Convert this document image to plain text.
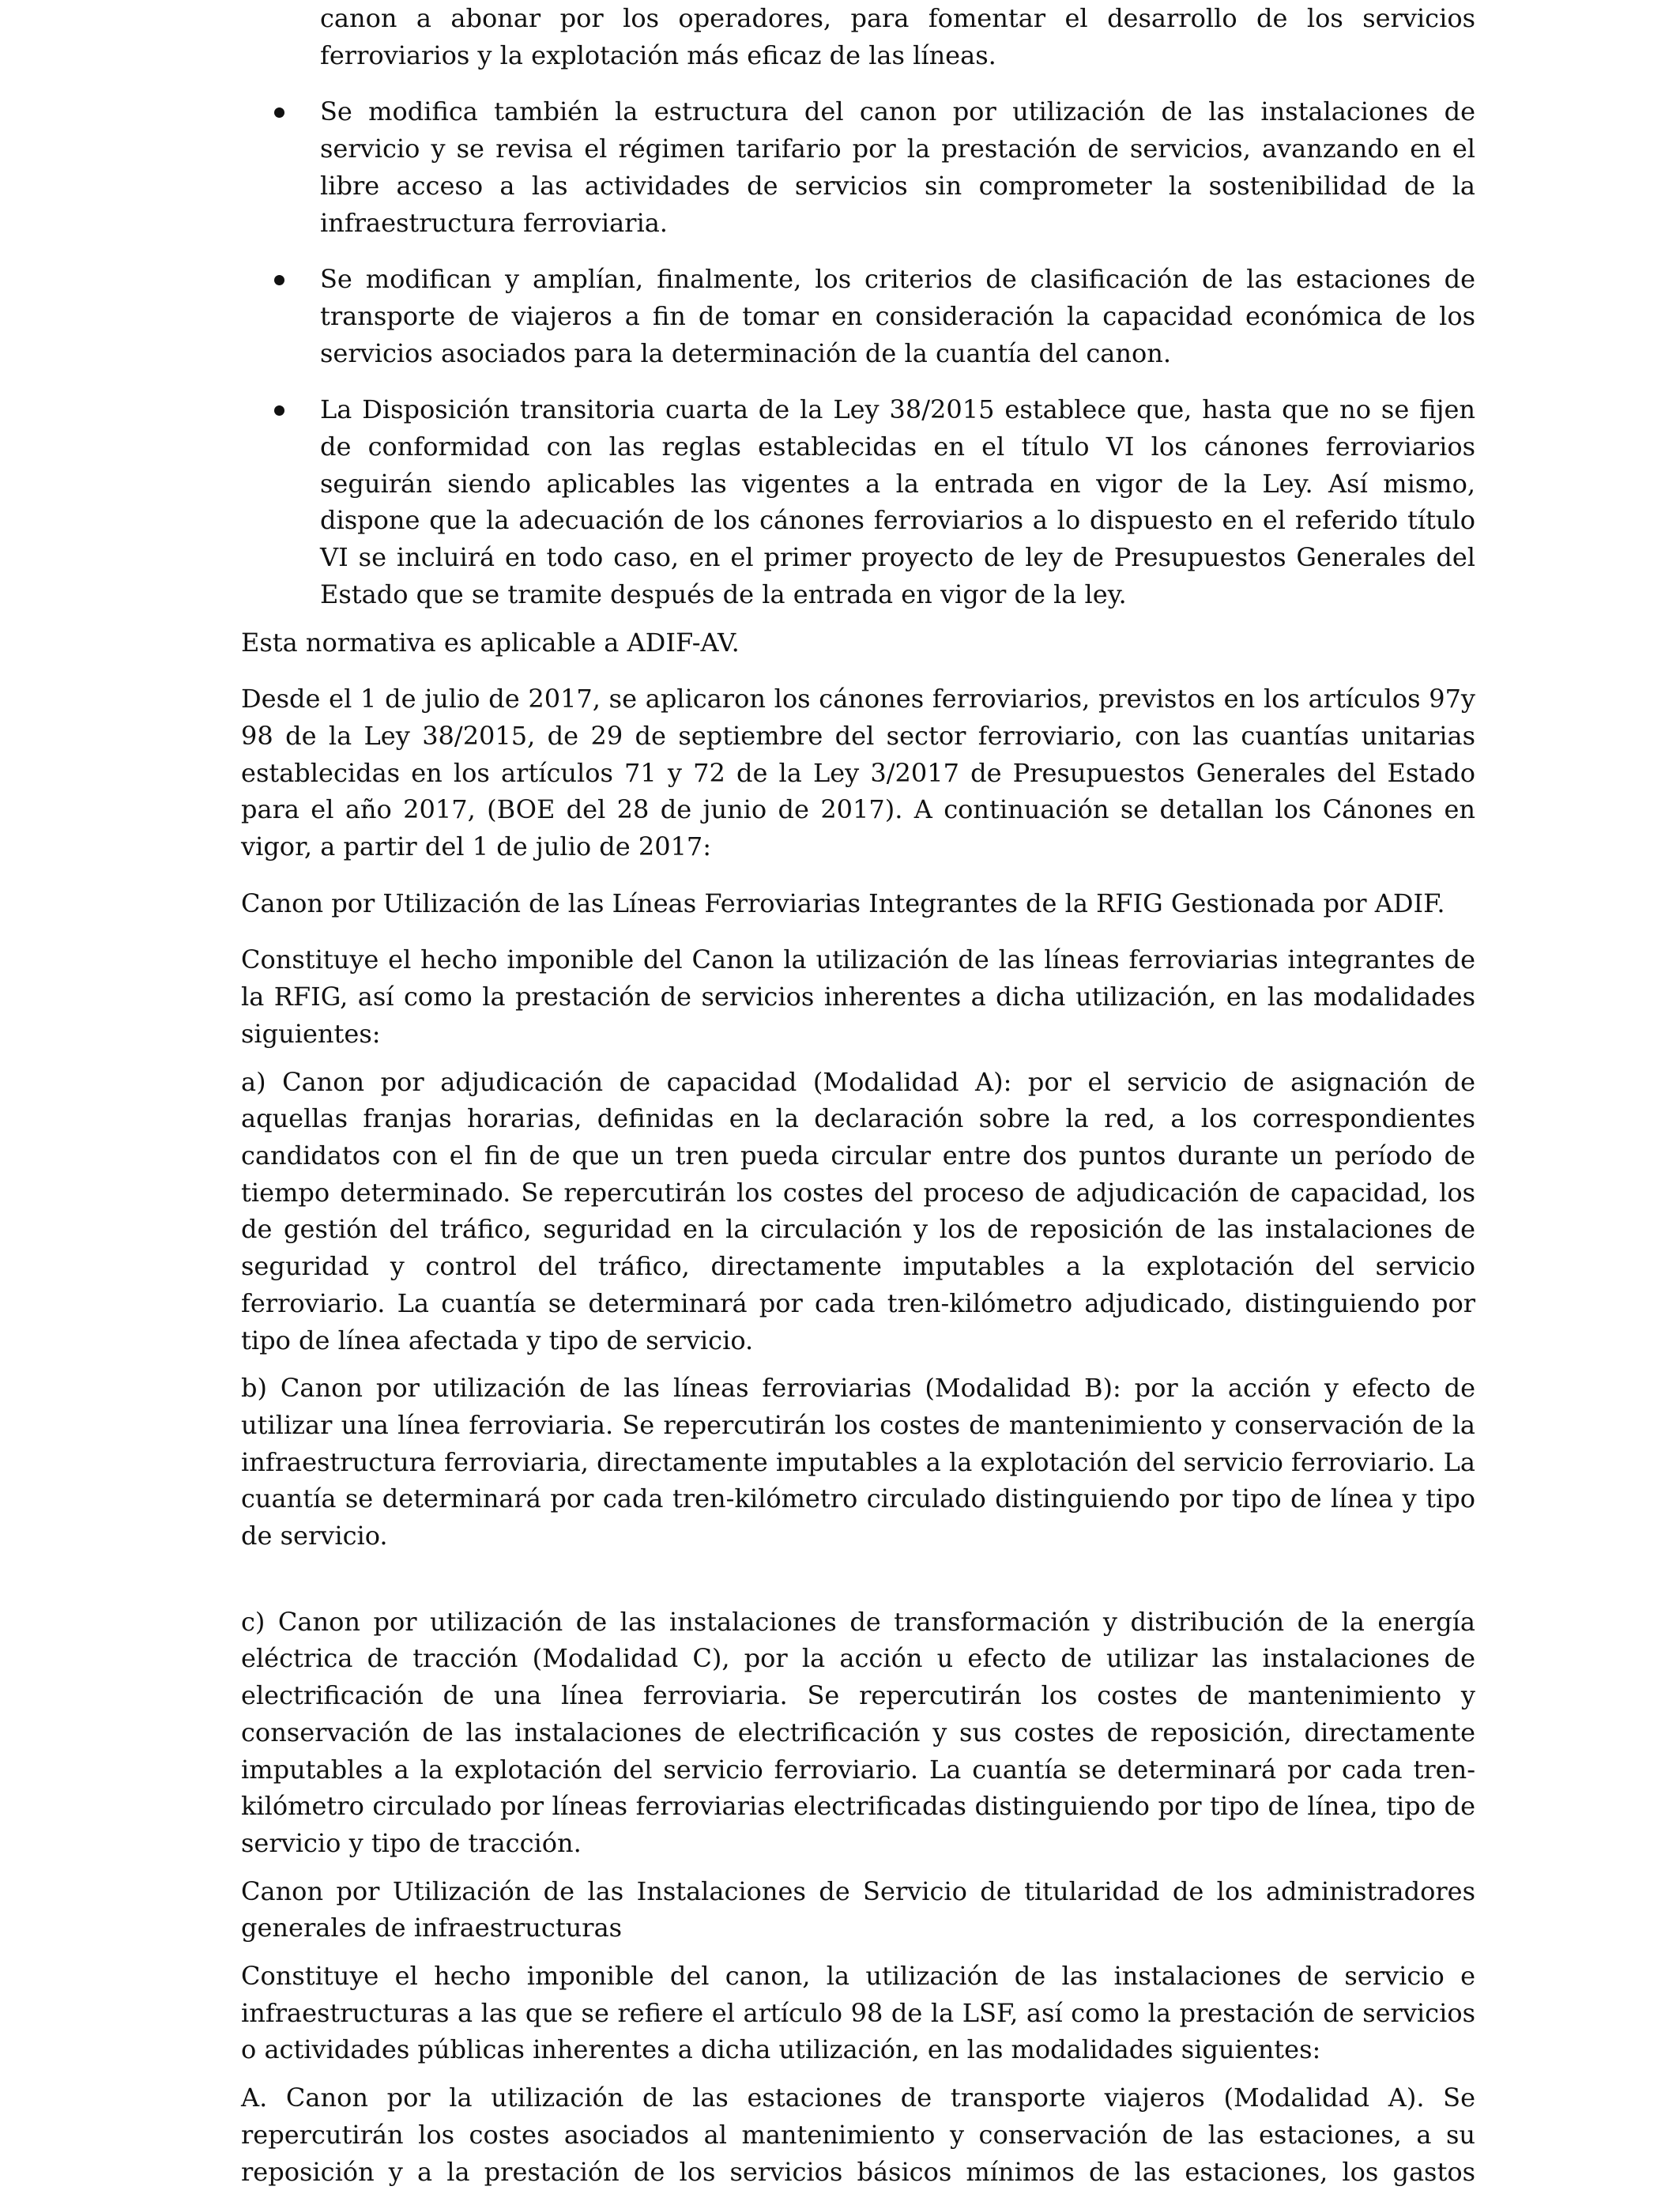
canon a abonar por los operadores, para fomentar el desarrollo de los servicios ferroviarios y la explotación más eficaz de las líneas.

Se modifica también la estructura del canon por utilización de las instalaciones de servicio y se revisa el régimen tarifario por la prestación de servicios, avanzando en el libre acceso a las actividades de servicios sin comprometer la sostenibilidad de la infraestructura ferroviaria.
Se modifican y amplían, finalmente, los criterios de clasificación de las estaciones de transporte de viajeros a fin de tomar en consideración la capacidad económica de los servicios asociados para la determinación de la cuantía del canon.
La Disposición transitoria cuarta de la Ley 38/2015 establece que, hasta que no se fijen de conformidad con las reglas establecidas en el título VI los cánones ferroviarios seguirán siendo aplicables las vigentes a la entrada en vigor de la Ley. Así mismo, dispone que la adecuación de los cánones ferroviarios a lo dispuesto en el referido título VI se incluirá en todo caso, en el primer proyecto de ley de Presupuestos Generales del Estado que se tramite después de la entrada en vigor de la ley.

Esta normativa es aplicable a ADIF-AV.

Desde el 1 de julio de 2017, se aplicaron los cánones ferroviarios, previstos en los artículos 97y 98 de la Ley 38/2015, de 29 de septiembre del sector ferroviario, con las cuantías unitarias establecidas en los artículos 71 y 72 de la Ley 3/2017 de Presupuestos Generales del Estado para el año 2017, (BOE del 28 de junio de 2017). A continuación se detallan los Cánones en vigor, a partir del 1 de julio de 2017:

Canon por Utilización de las Líneas Ferroviarias Integrantes de la RFIG Gestionada por ADIF.

Constituye el hecho imponible del Canon la utilización de las líneas ferroviarias integrantes de la RFIG, así como la prestación de servicios inherentes a dicha utilización, en las modalidades siguientes:

a) Canon por adjudicación de capacidad (Modalidad A): por el servicio de asignación de aquellas franjas horarias, definidas en la declaración sobre la red, a los correspondientes candidatos con el fin de que un tren pueda circular entre dos puntos durante un período de tiempo determinado. Se repercutirán los costes del proceso de adjudicación de capacidad, los de gestión del tráfico, seguridad en la circulación y los de reposición de las instalaciones de seguridad y control del tráfico, directamente imputables a la explotación del servicio ferroviario. La cuantía se determinará por cada tren-kilómetro adjudicado, distinguiendo por tipo de línea afectada y tipo de servicio.

b) Canon por utilización de las líneas ferroviarias (Modalidad B): por la acción y efecto de utilizar una línea ferroviaria. Se repercutirán los costes de mantenimiento y conservación de la infraestructura ferroviaria, directamente imputables a la explotación del servicio ferroviario. La cuantía se determinará por cada tren-kilómetro circulado distinguiendo por tipo de línea y tipo de servicio.

c) Canon por utilización de las instalaciones de transformación y distribución de la energía eléctrica de tracción (Modalidad C), por la acción u efecto de utilizar las instalaciones de electrificación de una línea ferroviaria. Se repercutirán los costes de mantenimiento y conservación de las instalaciones de electrificación y sus costes de reposición, directamente imputables a la explotación del servicio ferroviario. La cuantía se determinará por cada tren-kilómetro circulado por líneas ferroviarias electrificadas distinguiendo por tipo de línea, tipo de servicio y tipo de tracción.

Canon por Utilización de las Instalaciones de Servicio de titularidad de los administradores generales de infraestructuras

Constituye el hecho imponible del canon, la utilización de las instalaciones de servicio e infraestructuras a las que se refiere el artículo 98 de la LSF, así como la prestación de servicios o actividades públicas inherentes a dicha utilización, en las modalidades siguientes:

A. Canon por la utilización de las estaciones de transporte viajeros (Modalidad A). Se repercutirán los costes asociados al mantenimiento y conservación de las estaciones, a su reposición y a la prestación de los servicios básicos mínimos de las estaciones, los gastos
